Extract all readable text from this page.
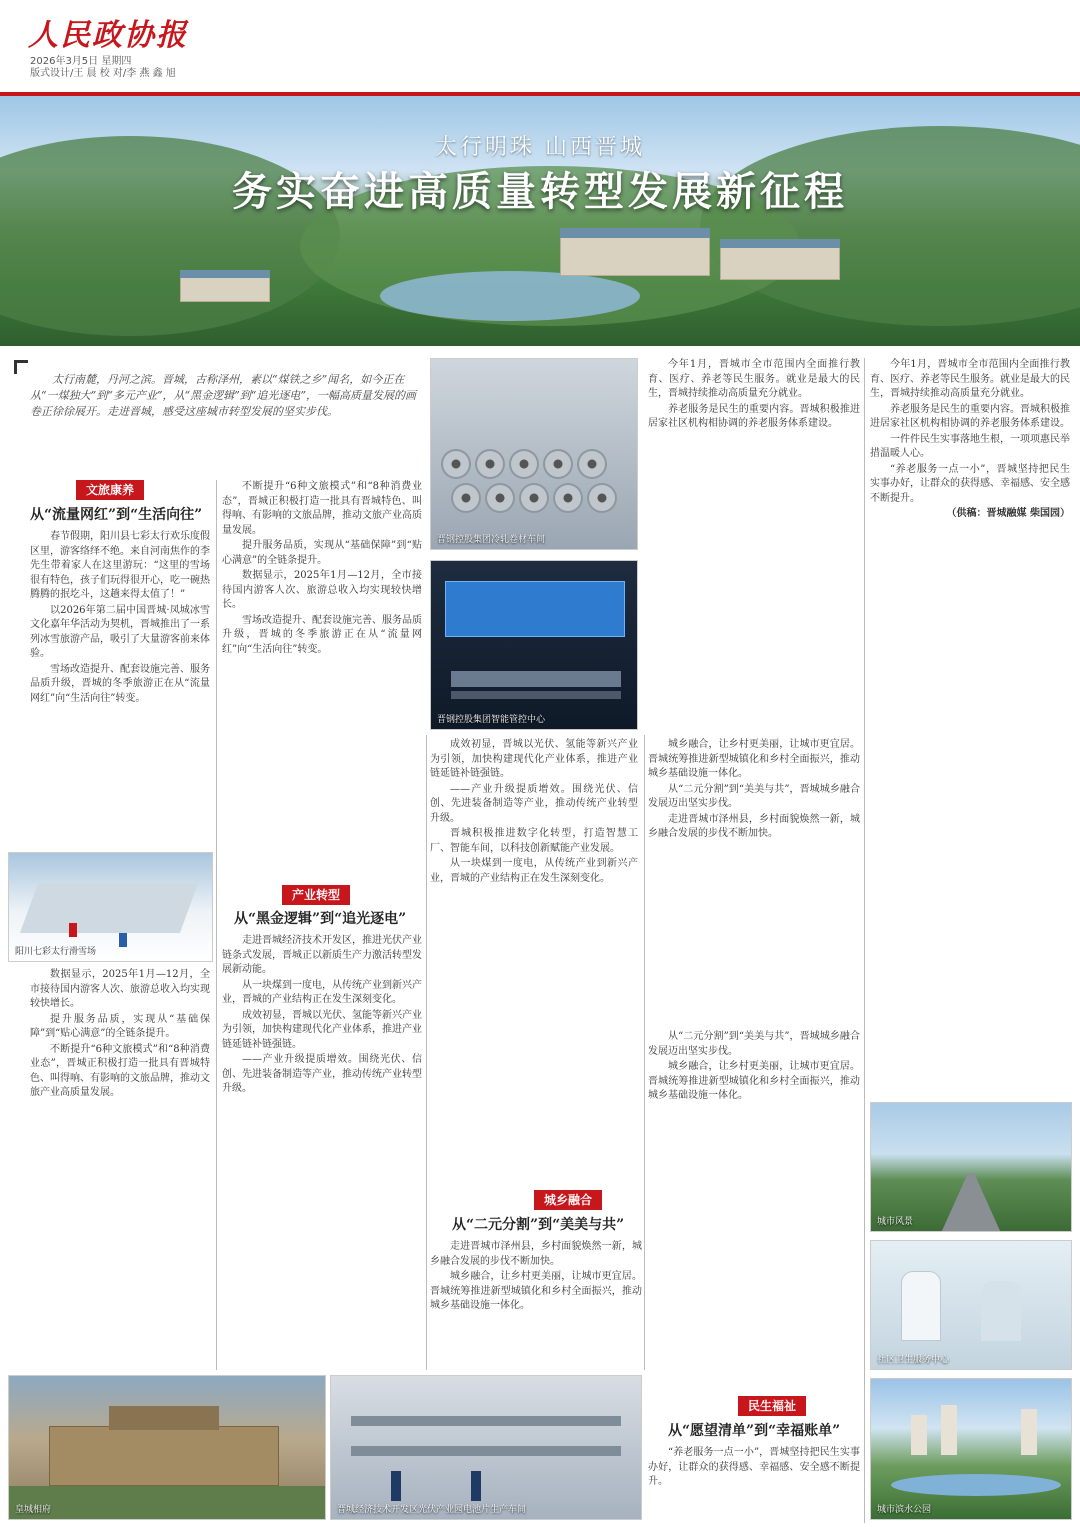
人民政协报
2026年3月5日 星期四
版式设计/王 晨 校 对/李 燕 鑫 旭
太行明珠 山西晋城
务实奋进高质量转型发展新征程
太行南麓，丹河之滨。晋城，古称泽州，素以“煤铁之乡”闻名，如今正在从“一煤独大”到“多元产业”，从“黑金逻辑”到“追光逐电”，一幅高质量发展的画卷正徐徐展开。走进晋城，感受这座城市转型发展的坚实步伐。
文旅康养
从“流量网红”到“生活向往”

春节假期，阳川县七彩太行欢乐度假区里，游客络绎不绝。来自河南焦作的李先生带着家人在这里游玩：“这里的雪场很有特色，孩子们玩得很开心，吃一碗热腾腾的抿圪斗，这趟来得太值了！”

以2026年第二届中国晋城·凤城冰雪文化嘉年华活动为契机，晋城推出了一系列冰雪旅游产品，吸引了大量游客前来体验。

雪场改造提升、配套设施完善、服务品质升级，晋城的冬季旅游正在从“流量网红”向“生活向往”转变。

阳川七彩太行滑雪场

数据显示，2025年1月—12月，全市接待国内游客人次、旅游总收入均实现较快增长。

提升服务品质，实现从“基础保障”到“贴心满意”的全链条提升。

不断提升“6种文旅模式”和“8种消费业态”，晋城正积极打造一批具有晋城特色、叫得响、有影响的文旅品牌，推动文旅产业高质量发展。

皇城相府

不断提升“6种文旅模式”和“8种消费业态”，晋城正积极打造一批具有晋城特色、叫得响、有影响的文旅品牌，推动文旅产业高质量发展。

提升服务品质，实现从“基础保障”到“贴心满意”的全链条提升。

数据显示，2025年1月—12月，全市接待国内游客人次、旅游总收入均实现较快增长。

雪场改造提升、配套设施完善、服务品质升级，晋城的冬季旅游正在从“流量网红”向“生活向往”转变。

产业转型
从“黑金逻辑”到“追光逐电”

走进晋城经济技术开发区，推进光伏产业链条式发展，晋城正以新质生产力激活转型发展新动能。

从一块煤到一度电，从传统产业到新兴产业，晋城的产业结构正在发生深刻变化。

成效初显，晋城以光伏、氢能等新兴产业为引领，加快构建现代化产业体系，推进产业链延链补链强链。

——产业升级提质增效。围绕光伏、信创、先进装备制造等产业，推动传统产业转型升级。

晋钢控股集团冷轧卷材车间
晋钢控股集团智能管控中心

成效初显，晋城以光伏、氢能等新兴产业为引领，加快构建现代化产业体系，推进产业链延链补链强链。

——产业升级提质增效。围绕光伏、信创、先进装备制造等产业，推动传统产业转型升级。

晋城积极推进数字化转型，打造智慧工厂、智能车间，以科技创新赋能产业发展。

从一块煤到一度电，从传统产业到新兴产业，晋城的产业结构正在发生深刻变化。

晋城经济技术开发区光伏产业园电池片生产车间

城乡融合，让乡村更美丽，让城市更宜居。晋城统筹推进新型城镇化和乡村全面振兴，推动城乡基础设施一体化。

从“二元分割”到“美美与共”，晋城城乡融合发展迈出坚实步伐。

走进晋城市泽州县，乡村面貌焕然一新，城乡融合发展的步伐不断加快。

城乡融合
从“二元分割”到“美美与共”

走进晋城市泽州县，乡村面貌焕然一新，城乡融合发展的步伐不断加快。

城乡融合，让乡村更美丽，让城市更宜居。晋城统筹推进新型城镇化和乡村全面振兴，推动城乡基础设施一体化。

从“二元分割”到“美美与共”，晋城城乡融合发展迈出坚实步伐。

城乡融合，让乡村更美丽，让城市更宜居。晋城统筹推进新型城镇化和乡村全面振兴，推动城乡基础设施一体化。

民生福祉
从“愿望清单”到“幸福账单”

“养老服务一点一小”，晋城坚持把民生实事办好，让群众的获得感、幸福感、安全感不断提升。

今年1月，晋城市全市范围内全面推行教育、医疗、养老等民生服务。就业是最大的民生，晋城持续推动高质量充分就业。

养老服务是民生的重要内容。晋城积极推进居家社区机构相协调的养老服务体系建设。

今年1月，晋城市全市范围内全面推行教育、医疗、养老等民生服务。就业是最大的民生，晋城持续推动高质量充分就业。

养老服务是民生的重要内容。晋城积极推进居家社区机构相协调的养老服务体系建设。

一件件民生实事落地生根，一项项惠民举措温暖人心。

“养老服务一点一小”，晋城坚持把民生实事办好，让群众的获得感、幸福感、安全感不断提升。

（供稿：晋城融媒 柴国园）

城市风景
社区卫生服务中心
城市滨水公园
